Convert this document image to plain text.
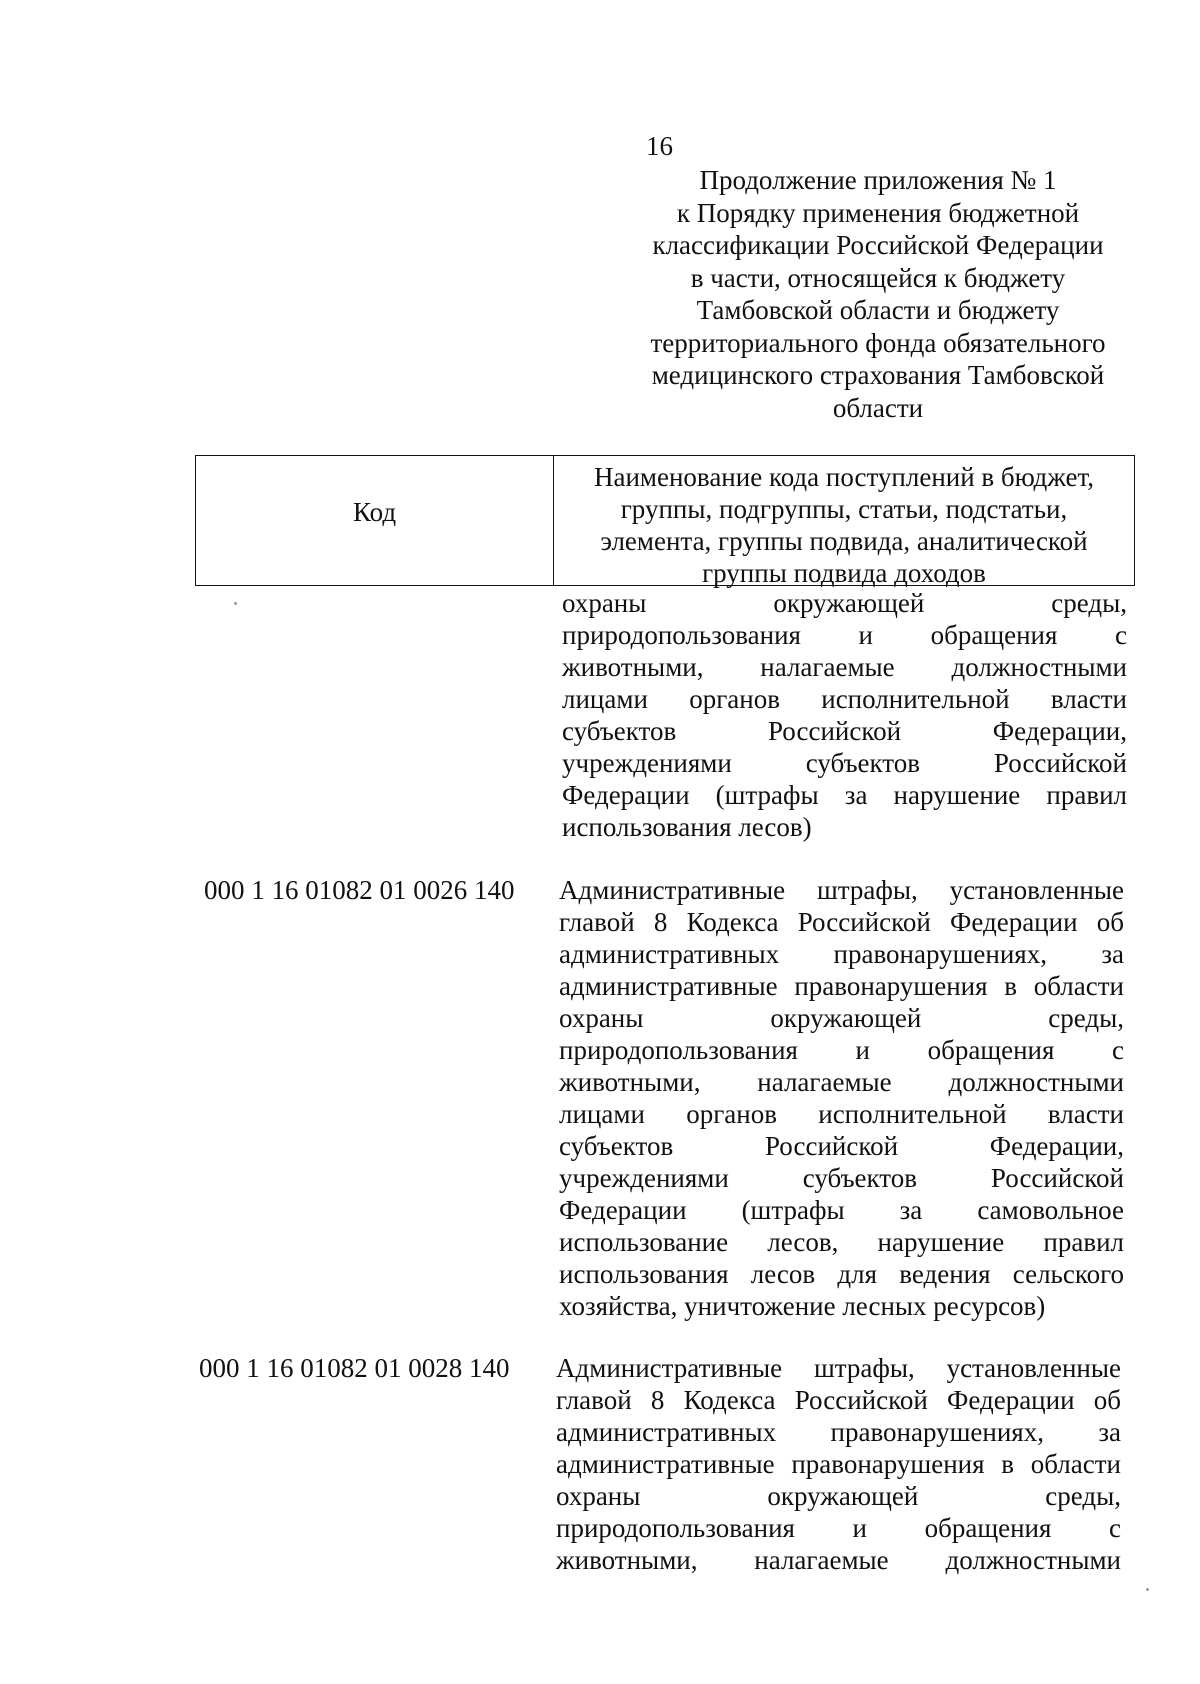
16
Продолжение приложения № 1
к Порядку применения бюджетной
классификации Российской Федерации
в части, относящейся к бюджету
Тамбовской области и бюджету
территориального фонда обязательного
медицинского страхования Тамбовской
области
Код
Наименование кода поступлений в бюджет,
группы, подгруппы, статьи, подстатьи,
элемента, группы подвида, аналитической
группы подвида доходов
охраны окружающей среды,
природопользования и обращения с
животными, налагаемые должностными
лицами органов исполнительной власти
субъектов Российской Федерации,
учреждениями субъектов Российской
Федерации (штрафы за нарушение правил
использования лесов)
000 1 16 01082 01 0026 140 Административные штрафы, установленные
главой 8 Кодекса Российской Федерации об
административных правонарушениях, за
административные правонарушения в области
охраны окружающей среды,
природопользования и обращения с
животными, налагаемые должностными
лицами органов исполнительной власти
субъектов Российской Федерации,
учреждениями субъектов Российской
Федерации (штрафы за самовольное
использование лесов, нарушение правил
использования лесов для ведения сельского
хозяйства, уничтожение лесных ресурсов)
000 1 16 01082 01 0028 140 Административные штрафы, установленные
главой 8 Кодекса Российской Федерации об
административных правонарушениях, за
административные правонарушения в области
охраны окружающей среды,
природопользования и обращения с
животными, налагаемые должностными
